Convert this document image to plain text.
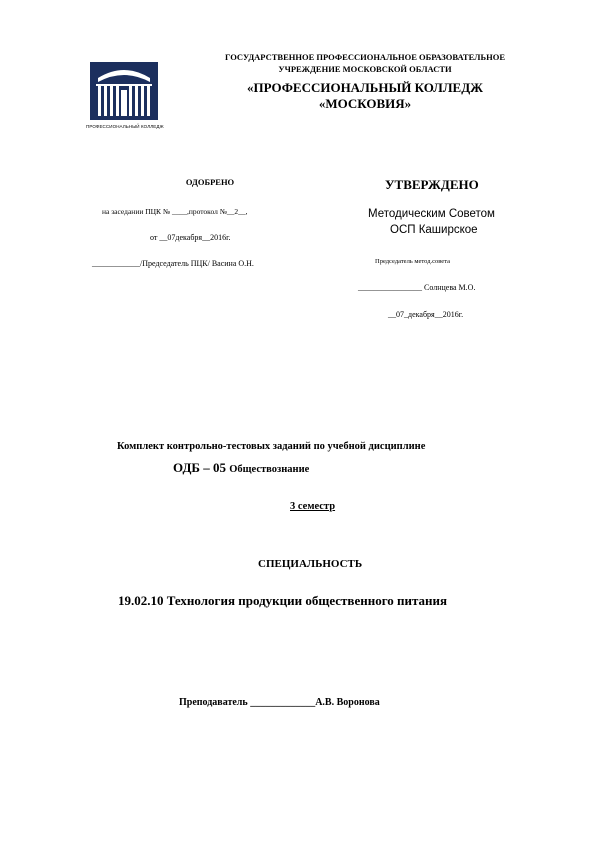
ПРОФЕССИОНАЛЬНЫЙ КОЛЛЕДЖ
ГОСУДАРСТВЕННОЕ ПРОФЕССИОНАЛЬНОЕ ОБРАЗОВАТЕЛЬНОЕ
УЧРЕЖДЕНИЕ МОСКОВСКОЙ ОБЛАСТИ
«ПРОФЕССИОНАЛЬНЫЙ КОЛЛЕДЖ
«МОСКОВИЯ»
ОДОБРЕНО
на заседании ПЦК № ____,протокол №__2__,
от __07декабря__2016г.
____________/Председатель ПЦК/ Васина О.Н.
УТВЕРЖДЕНО
Методическим Советом
ОСП Каширское
Председатель метод.совета
________________ Солнцева М.О.
__07_декабря__2016г.
Комплект контрольно-тестовых заданий по учебной дисциплине
ОДБ – 05 Обществознание
3 семестр
СПЕЦИАЛЬНОСТЬ
19.02.10 Технология продукции общественного питания
Преподаватель _____________А.В. Воронова
